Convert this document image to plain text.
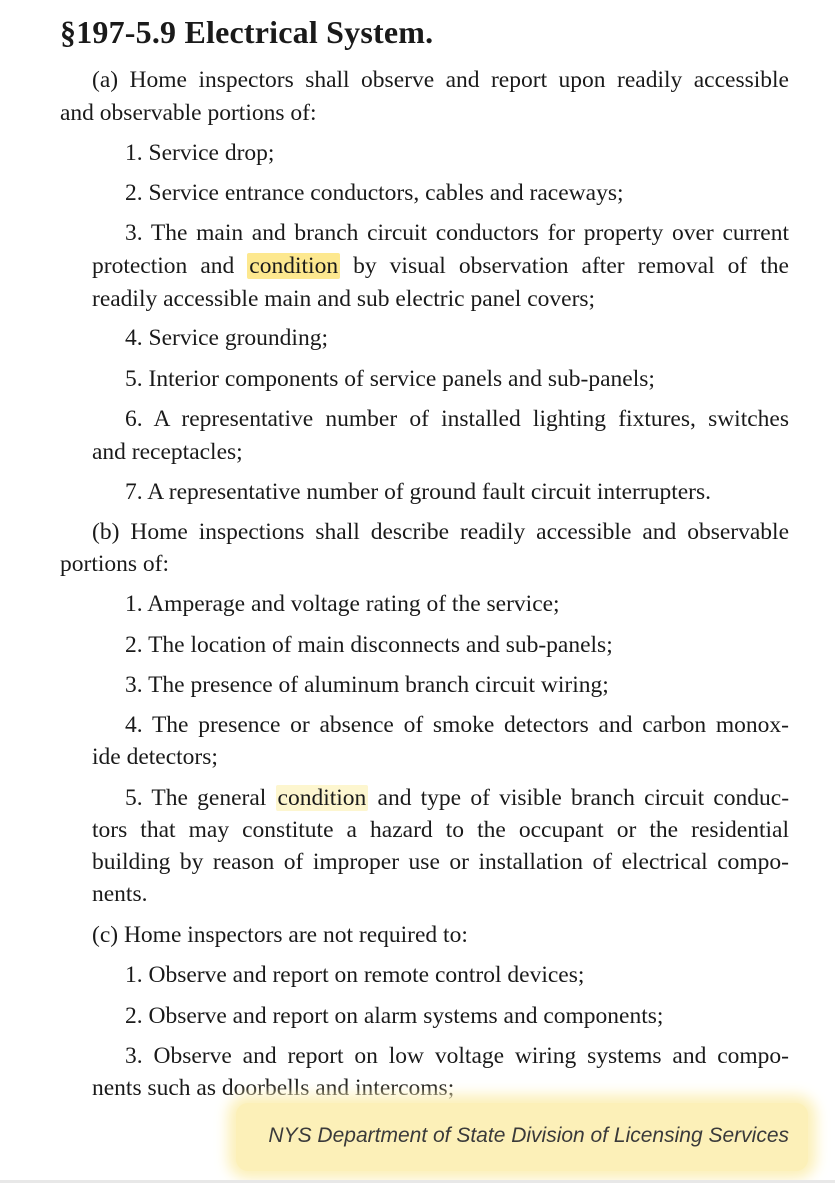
§197-5.9 Electrical System.
(a) Home inspectors shall observe and report upon readily accessible
and observable portions of:
1. Service drop;
2. Service entrance conductors, cables and raceways;
3. The main and branch circuit conductors for property over current
protection and condition by visual observation after removal of the
readily accessible main and sub electric panel covers;
4. Service grounding;
5. Interior components of service panels and sub-panels;
6. A representative number of installed lighting fixtures, switches
and receptacles;
7. A representative number of ground fault circuit interrupters.
(b) Home inspections shall describe readily accessible and observable
portions of:
1. Amperage and voltage rating of the service;
2. The location of main disconnects and sub-panels;
3. The presence of aluminum branch circuit wiring;
4. The presence or absence of smoke detectors and carbon monox-
ide detectors;
5. The general condition and type of visible branch circuit conduc-
tors that may constitute a hazard to the occupant or the residential
building by reason of improper use or installation of electrical compo-
nents.
(c) Home inspectors are not required to:
1. Observe and report on remote control devices;
2. Observe and report on alarm systems and components;
3. Observe and report on low voltage wiring systems and compo-
nents such as doorbells and intercoms;
NYS Department of State Division of Licensing Services
